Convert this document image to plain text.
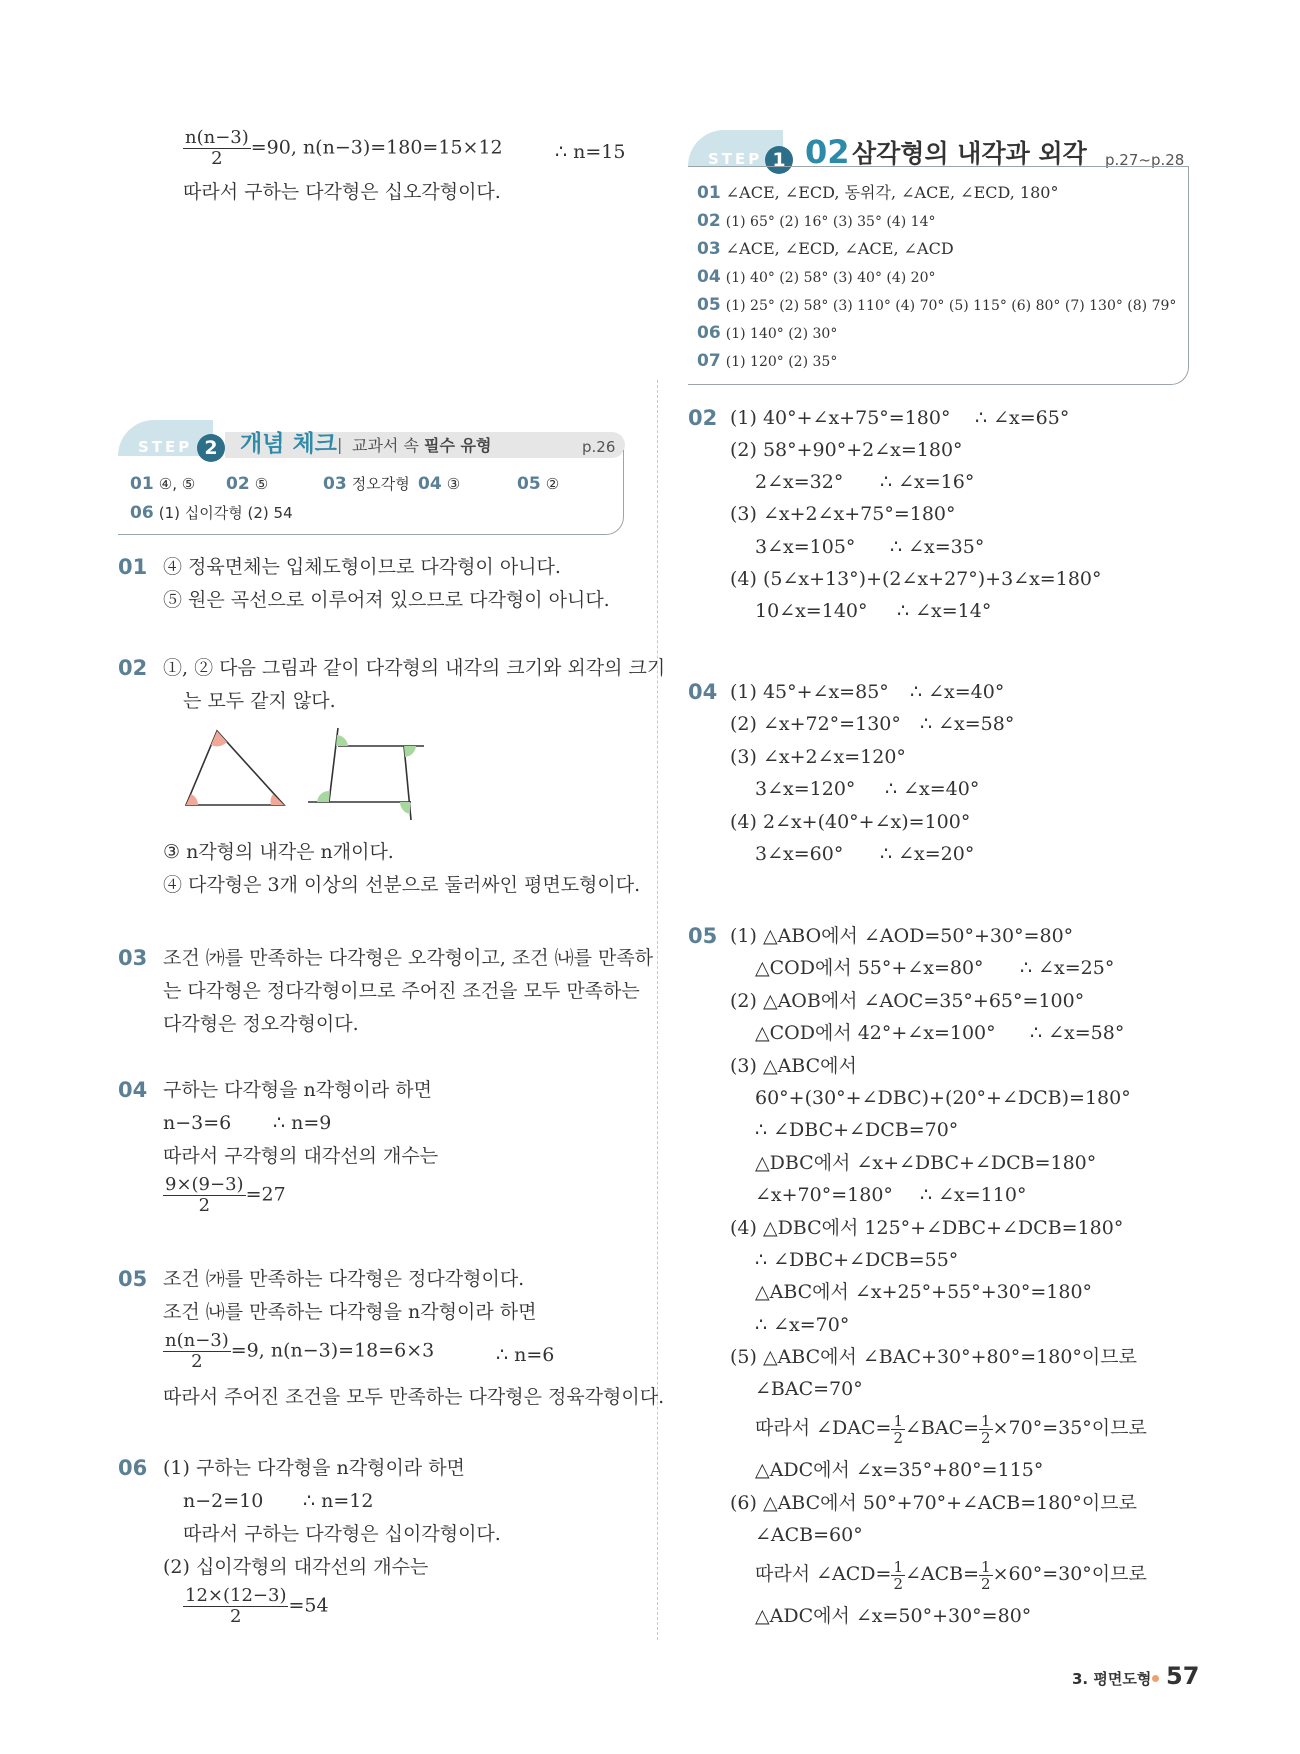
$\frac{n(n-3)}{2} =90$, n(n−3)=180=15×12	∴ n=15
따라서 구하는 다각형은 십오각형이다.
STEP 2 개념 체크 | 교과서 속 필수 유형	p.26
01 ④, ⑤ 02 ⑤	03 정오각형 04 ③	05 ②
06 (1) 십이각형 (2) 54
01 ④ 정육면체는 입체도형이므로 다각형이 아니다.
⑤ 원은 곡선으로 이루어져 있으므로 다각형이 아니다.
02 ①, ② 다음 그림과 같이 다각형의 내각의 크기와 외각의 크기
는 모두 같지 않다.
③ n각형의 내각은 n개이다.
④ 다각형은 3개 이상의 선분으로 둘러싸인 평면도형이다.
03 조건 ㈎를 만족하는 다각형은 오각형이고, 조건 ㈏를 만족하
는 다각형은 정다각형이므로 주어진 조건을 모두 만족하는
다각형은 정오각형이다.
04 구하는 다각형을 n각형이라 하면
n−3=6 ∴ n=9
따라서 구각형의 대각선의 개수는
$\frac{9\times(9-3)}{2} =27$
05 조건 ㈎를 만족하는 다각형은 정다각형이다.
조건 ㈏를 만족하는 다각형을 n각형이라 하면
$\frac{n(n-3)}{2} =9$, n(n−3)=18=6×3	∴ n=6
따라서 주어진 조건을 모두 만족하는 다각형은 정육각형이다.
06 (1) 구하는 다각형을 n각형이라 하면
n−2=10 ∴ n=12
따라서 구하는 다각형은 십이각형이다.
(2) 십이각형의 대각선의 개수는
$\frac{12\times(12-3)}{2} =54$
STEP 1 02 삼각형의 내각과 외각 p.27~p.28
01 ∠ACE, ∠ECD, 동위각, ∠ACE, ∠ECD, 180°
02 (1) 65° (2) 16° (3) 35° (4) 14°
03 ∠ACE, ∠ECD, ∠ACE, ∠ACD
04 (1) 40° (2) 58° (3) 40° (4) 20°
05 (1) 25° (2) 58° (3) 110° (4) 70° (5) 115° (6) 80° (7) 130° (8) 79°
06 (1) 140° (2) 30°
07 (1) 120° (2) 35°
02 (1) 40°+∠x+75°=180° ∴ ∠x=65°
(2) 58°+90°+2∠x=180°
2∠x=32° ∴ ∠x=16°
(3) ∠x+2∠x+75°=180°
3∠x=105° ∴ ∠x=35°
(4) (5∠x+13°)+(2∠x+27°)+3∠x=180°
10∠x=140° ∴ ∠x=14°
04 (1) 45°+∠x=85° ∴ ∠x=40°
(2) ∠x+72°=130° ∴ ∠x=58°
(3) ∠x+2∠x=120°
3∠x=120° ∴ ∠x=40°
(4) 2∠x+(40°+∠x)=100°
3∠x=60° ∴ ∠x=20°
05 (1) △ABO에서 ∠AOD=50°+30°=80°
△COD에서 55°+∠x=80° ∴ ∠x=25°
(2) △AOB에서 ∠AOC=35°+65°=100°
△COD에서 42°+∠x=100° ∴ ∠x=58°
(3) △ABC에서
60°+(30°+∠DBC)+(20°+∠DCB)=180°
∴ ∠DBC+∠DCB=70°
△DBC에서 ∠x+∠DBC+∠DCB=180°
∠x+70°=180° ∴ ∠x=110°
(4) △DBC에서 125°+∠DBC+∠DCB=180°
∴ ∠DBC+∠DCB=55°
△ABC에서 ∠x+25°+55°+30°=180°
∴ ∠x=70°
(5) △ABC에서 ∠BAC+30°+80°=180°이므로
∠BAC=70°
따라서 ∠DAC= $\frac{1}{2}$ ∠BAC= $\frac{1}{2} \times 70^\circ=35^\circ$이므로
△ADC에서 ∠x=35°+80°=115°
(6) △ABC에서 50°+70°+∠ACB=180°이므로
∠ACB=60°
따라서 ∠ACD= $\frac{1}{2}$ ∠ACB= $\frac{1}{2} \times 60^\circ=30^\circ$이므로
△ADC에서 ∠x=50°+30°=80°
3. 평면도형 57
